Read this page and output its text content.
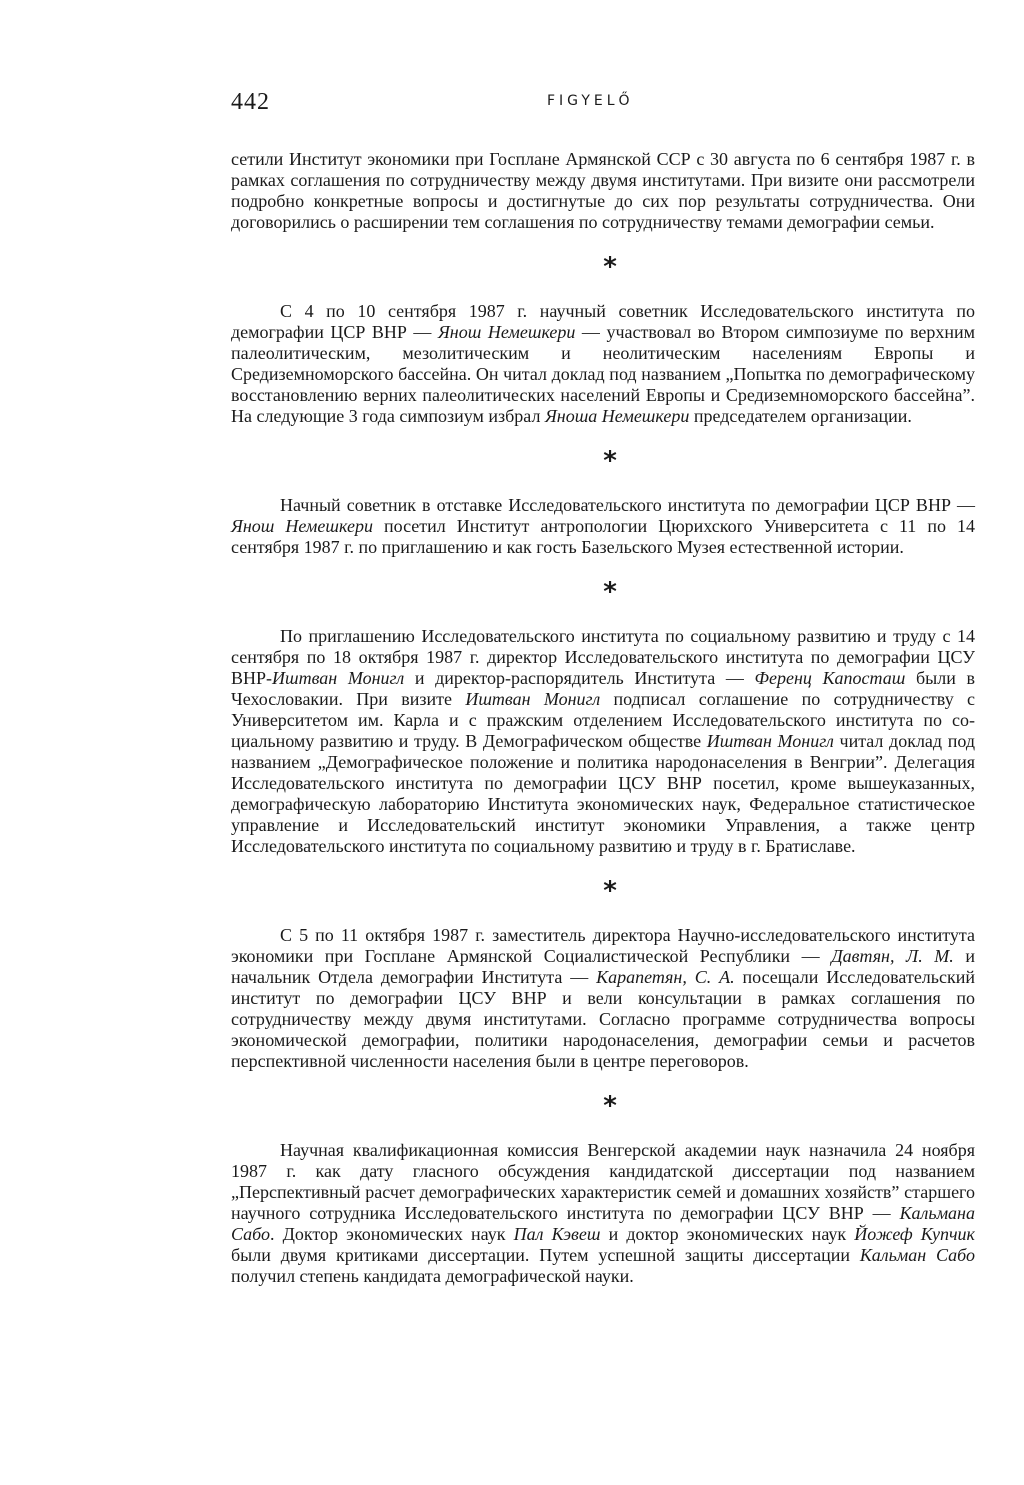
442	FIGYELŐ

сетили Институт экономики при Госплане Армянской ССР с 30 августа по 6 сентября 1987 г. в рамках соглашения по сотрудничеству между двумя институтами. При визите они рассмотрели подробно конкретные вопросы и достигнутые до сих пор результаты сотрудничества. Они договорились о расширении тем соглашения по сотрудничеству темами демографии семьи.

*

С 4 по 10 сентября 1987 г. научный советник Исследовательского института по демографии ЦСР ВНР — Янош Немешкери — участвовал во Втором симпозиуме по верхним палеолитическим, мезолитическим и неолитическим населениям Европы и Средиземноморского бассейна. Он читал доклад под названием „Попытка по демографическому восстановлению верних палеолитических населений Европы и Средиземноморского бассейна”. На следующие 3 года симпозиум избрал Яноша Немешкери председателем организации.

*

Начный советник в отставке Исследовательского института по демографии ЦСР ВНР — Янош Немешкери посетил Институт антропологии Цюрихского Университета с 11 по 14 сентября 1987 г. по приглашению и как гость Базельского Музея естественной истории.

*

По приглашению Исследовательского института по социальному развитию и труду с 14 сентября по 18 октября 1987 г. директор Исследовательского института по демографии ЦСУ ВНР-Иштван Монигл и директор-распорядитель Института — Ференц Капосташ были в Чехословакии. При визите Иштван Монигл подписал соглашение по сотрудничеству с Университетом им. Карла и с пражским отделением Исследовательского института по социальному развитию и труду. В Демографическом обществе Иштван Монигл читал доклад под названием „Демографическое положение и политика народонаселения в Венгрии”. Делегация Исследовательского института по демографии ЦСУ ВНР посетил, кроме вышеуказанных, демографическую лабораторию Института экономических наук, Федеральное статистическое управление и Исследовательский институт экономики Управления, а также центр Исследовательского института по социальному развитию и труду в г. Братиславе.

*

С 5 по 11 октября 1987 г. заместитель директора Научно-исследовательского института экономики при Госплане Армянской Социалистической Республики — Давтян, Л. М. и начальник Отдела демографии Института — Карапетян, С. А. посещали Исследовательский институт по демографии ЦСУ ВНР и вели консультации в рамках соглашения по сотрудничеству между двумя институтами. Согласно программе сотрудничества вопросы экономической демографии, политики народонаселения, демографии семьи и расчетов перспективной численности населения были в центре переговоров.

*

Научная квалификационная комиссия Венгерской академии наук назначила 24 ноября 1987 г. как дату гласного обсуждения кандидатской диссертации под названием „Перспективный расчет демографических характеристик семей и домашних хозяйств” старшего научного сотрудника Исследовательского института по демографии ЦСУ ВНР — Кальмана Сабо. Доктор экономических наук Пал Кэвеш и доктор экономических наук Йожеф Купчик были двумя критиками диссертации. Путем успешной защиты диссертации Кальман Сабо получил степень кандидата демографической науки.
